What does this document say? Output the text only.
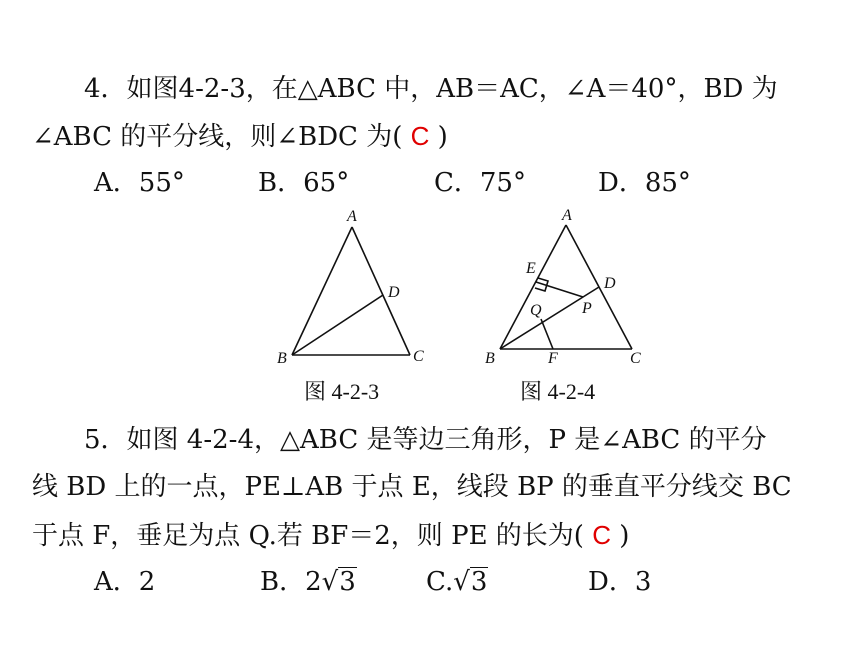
4．如图4-2-3，在△ABC 中，AB＝AC，∠A＝40°，BD 为
∠ABC 的平分线，则∠BDC 为( C )
A．55°	B．65°	C．75°	D．85°
A
B	C
D
图 4-2-3
A
B	C
D
E
F
P
Q
图 4-2-4
5．如图 4-2-4，△ABC 是等边三角形，P 是∠ABC 的平分
线 BD 上的一点，PE⊥AB 于点 E，线段 BP 的垂直平分线交 BC
于点 F，垂足为点 Q.若 BF＝2，则 PE 的长为( C )
A．2	B．2√3	C.√3	D．3
